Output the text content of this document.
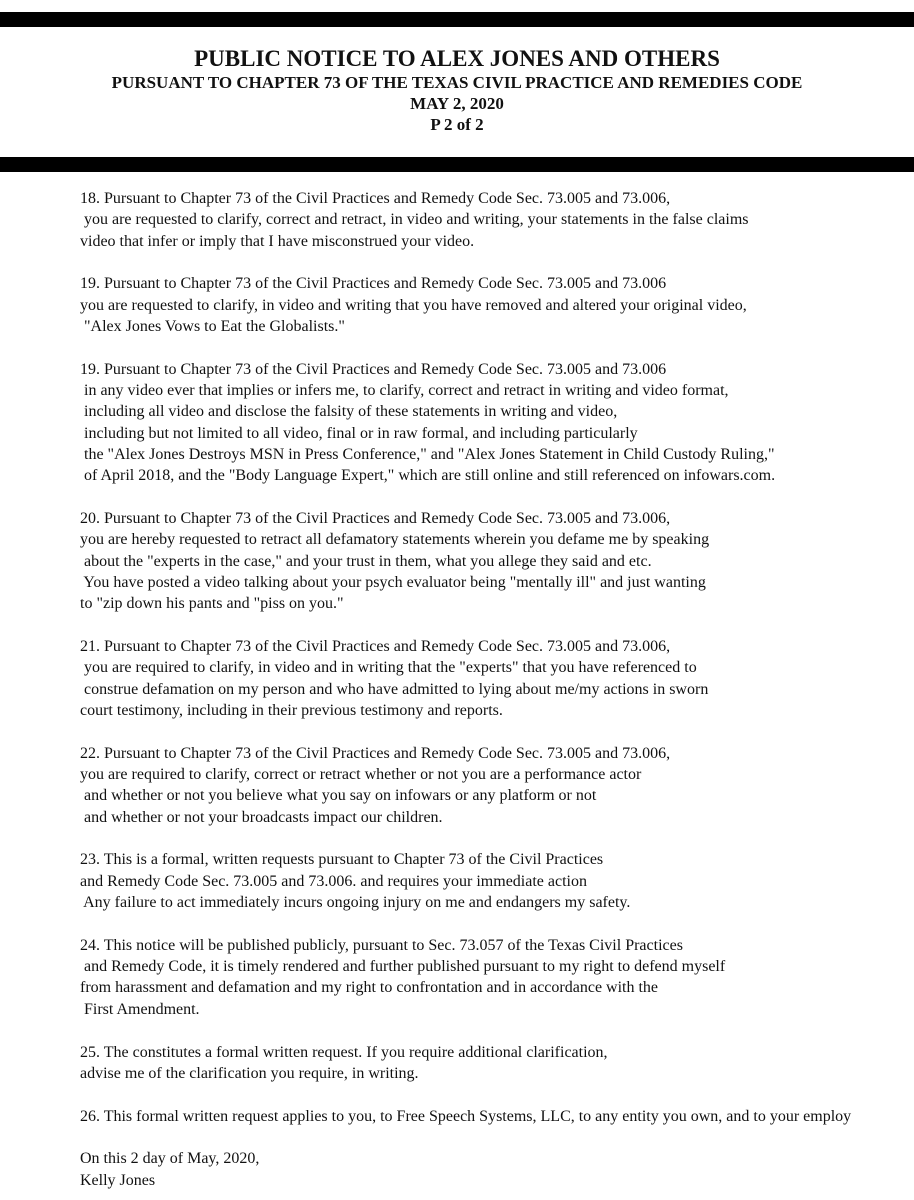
PUBLIC NOTICE TO ALEX JONES AND OTHERS
PURSUANT TO CHAPTER 73 OF THE TEXAS CIVIL PRACTICE AND REMEDIES CODE
MAY 2, 2020
P 2 of 2
18. Pursuant to Chapter 73 of the Civil Practices and Remedy Code Sec. 73.005 and 73.006,
you are requested to clarify, correct and retract, in video and writing, your statements in the false claims
video that infer or imply that I have misconstrued your video.
19. Pursuant to Chapter 73 of the Civil Practices and Remedy Code Sec. 73.005 and 73.006
you are requested to clarify, in video and writing that you have removed and altered your original video,
"Alex Jones Vows to Eat the Globalists."
19. Pursuant to Chapter 73 of the Civil Practices and Remedy Code Sec. 73.005 and 73.006
in any video ever that implies or infers me, to clarify, correct and retract in writing and video format,
including all video and disclose the falsity of these statements in writing and video,
including but not limited to all video, final or in raw formal, and including particularly
the "Alex Jones Destroys MSN in Press Conference," and "Alex Jones Statement in Child Custody Ruling,"
of April 2018, and the "Body Language Expert," which are still online and still referenced on infowars.com.
20. Pursuant to Chapter 73 of the Civil Practices and Remedy Code Sec. 73.005 and 73.006,
you are hereby requested to retract all defamatory statements wherein you defame me by speaking
about the "experts in the case," and your trust in them, what you allege they said and etc.
You have posted a video talking about your psych evaluator being "mentally ill" and just wanting
to "zip down his pants and "piss on you."
21. Pursuant to Chapter 73 of the Civil Practices and Remedy Code Sec. 73.005 and 73.006,
you are required to clarify, in video and in writing that the "experts" that you have referenced to
construe defamation on my person and who have admitted to lying about me/my actions in sworn
court testimony, including in their previous testimony and reports.
22. Pursuant to Chapter 73 of the Civil Practices and Remedy Code Sec. 73.005 and 73.006,
you are required to clarify, correct or retract whether or not you are a performance actor
and whether or not you believe what you say on infowars or any platform or not
and whether or not your broadcasts impact our children.
23. This is a formal, written requests pursuant to Chapter 73 of the Civil Practices
and Remedy Code Sec. 73.005 and 73.006. and requires your immediate action
Any failure to act immediately incurs ongoing injury on me and endangers my safety.
24. This notice will be published publicly, pursuant to Sec. 73.057 of the Texas Civil Practices
and Remedy Code, it is timely rendered and further published pursuant to my right to defend myself
from harassment and defamation and my right to confrontation and in accordance with the
First Amendment.
25. The constitutes a formal written request. If you require additional clarification,
advise me of the clarification you require, in writing.
26. This formal written request applies to you, to Free Speech Systems, LLC, to any entity you own, and to your employ
On this 2 day of May, 2020,
Kelly Jones
